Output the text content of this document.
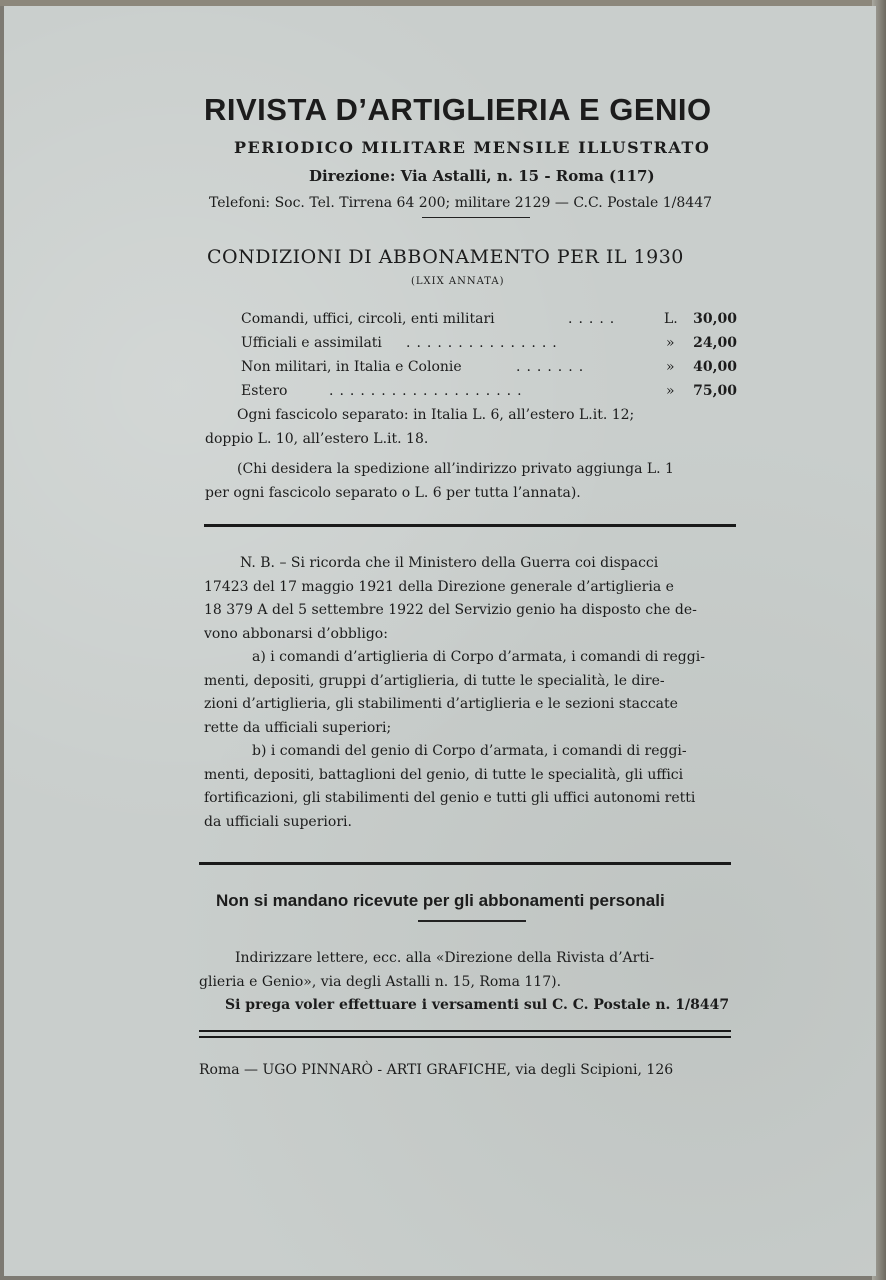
RIVISTA D’ARTIGLIERIA E GENIO
PERIODICO MILITARE MENSILE ILLUSTRATO
Direzione: Via Astalli, n. 15 - Roma (117)
Telefoni: Soc. Tel. Tirrena 64 200; militare 2129 — C.C. Postale 1/8447
CONDIZIONI DI ABBONAMENTO PER IL 1930
(LXIX ANNATA)
Comandi, uffici, circoli, enti militari	.....	L. 30,00
Ufficiali e assimilati ...............	» 24,00
Non militari, in Italia e Colonie	.......	» 40,00
Estero	...................	» 75,00
Ogni fascicolo separato: in Italia L. 6, all’estero L.it. 12;
doppio L. 10, all’estero L.it. 18.
(Chi desidera la spedizione all’indirizzo privato aggiunga L. 1
per ogni fascicolo separato o L. 6 per tutta l’annata).
N. B. – Si ricorda che il Ministero della Guerra coi dispacci
17423 del 17 maggio 1921 della Direzione generale d’artiglieria e
18 379 A del 5 settembre 1922 del Servizio genio ha disposto che de-
vono abbonarsi d’obbligo:
a) i comandi d’artiglieria di Corpo d’armata, i comandi di reggi-
menti, depositi, gruppi d’artiglieria, di tutte le specialità, le dire-
zioni d’artiglieria, gli stabilimenti d’artiglieria e le sezioni staccate
rette da ufficiali superiori;
b) i comandi del genio di Corpo d’armata, i comandi di reggi-
menti, depositi, battaglioni del genio, di tutte le specialità, gli uffici
fortificazioni, gli stabilimenti del genio e tutti gli uffici autonomi retti
da ufficiali superiori.
Non si mandano ricevute per gli abbonamenti personali
Indirizzare lettere, ecc. alla «Direzione della Rivista d’Arti-
glieria e Genio», via degli Astalli n. 15, Roma 117).
Si prega voler effettuare i versamenti sul C. C. Postale n. 1/8447
Roma — UGO PINNARÒ - ARTI GRAFICHE, via degli Scipioni, 126
